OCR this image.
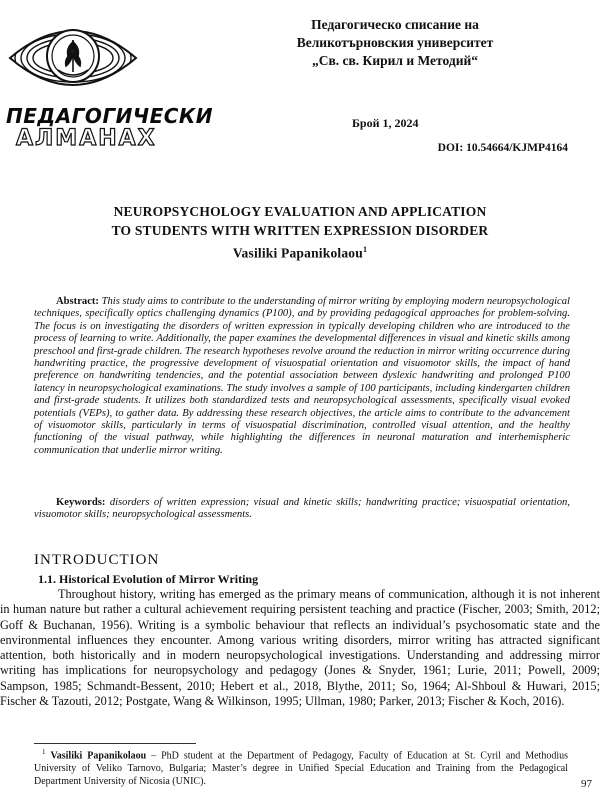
Педагогическо списание на
Великотърновския университет
„Св. св. Кирил и Методий“
ПЕДАГОГИЧЕСКИ
АЛМАНАХ
Брой 1, 2024
DOI: 10.54664/KJMP4164
NEUROPSYCHOLOGY EVALUATION AND APPLICATION
TO STUDENTS WITH WRITTEN EXPRESSION DISORDER
Vasiliki Papanikolaou$^1$

Abstract: This study aims to contribute to the understanding of mirror writing by employing modern neuropsychological techniques, specifically optics challenging dynamics (P100), and by providing pedagogical approaches for problem-solving. The focus is on investigating the disorders of written expression in typically developing children who are introduced to the process of learning to write. Additionally, the paper examines the developmental differences in visual and kinetic skills among preschool and first-grade children. The research hypotheses revolve around the reduction in mirror writing occurrence during handwriting practice, the progressive development of visuospatial orientation and visuomotor skills, the impact of hand preference on handwriting tendencies, and the potential association between dyslexic handwriting and prolonged P100 latency in neuropsychological examinations. The study involves a sample of 100 participants, including kindergarten children and first-grade students. It utilizes both standardized tests and neuropsychological assessments, specifically visual evoked potentials (VEPs), to gather data. By addressing these research objectives, the article aims to contribute to the advancement of visuomotor skills, particularly in terms of visuospatial discrimination, controlled visual attention, and the healthy functioning of the visual pathway, while highlighting the differences in neuronal maturation and interhemispheric communication that underlie mirror writing.

Keywords: disorders of written expression; visual and kinetic skills; handwriting practice; visuospatial orientation, visuomotor skills; neuropsychological assessments.

INTRODUCTION
1.1. Historical Evolution of Mirror Writing

Throughout history, writing has emerged as the primary means of communication, although it is not inherent in human nature but rather a cultural achievement requiring persistent teaching and practice (Fischer, 2003; Smith, 2012; Goff & Buchanan, 1956). Writing is a symbolic behaviour that reflects an individual’s psychosomatic state and the environmental influences they encounter. Among various writing disorders, mirror writing has attracted significant attention, both historically and in modern neuropsychological investigations. Understanding and addressing mirror writing has implications for neuropsychology and pedagogy (Jones & Snyder, 1961; Lurie, 2011; Powell, 2009; Sampson, 1985; Schmandt-Bessent, 2010; Hebert et al., 2018, Blythe, 2011; So, 1964; Al-Shboul & Huwari, 2015; Fischer & Tazouti, 2012; Postgate, Wang & Wilkinson, 1995; Ullman, 1980; Parker, 2013; Fischer & Koch, 2016).

$^1$ Vasiliki Papanikolaou – PhD student at the Department of Pedagogy, Faculty of Education at St. Cyril and Methodius University of Veliko Tarnovo, Bulgaria; Master’s degree in Unified Special Education and Training from the Pedagogical Department University of Nicosia (UNIC).	97
